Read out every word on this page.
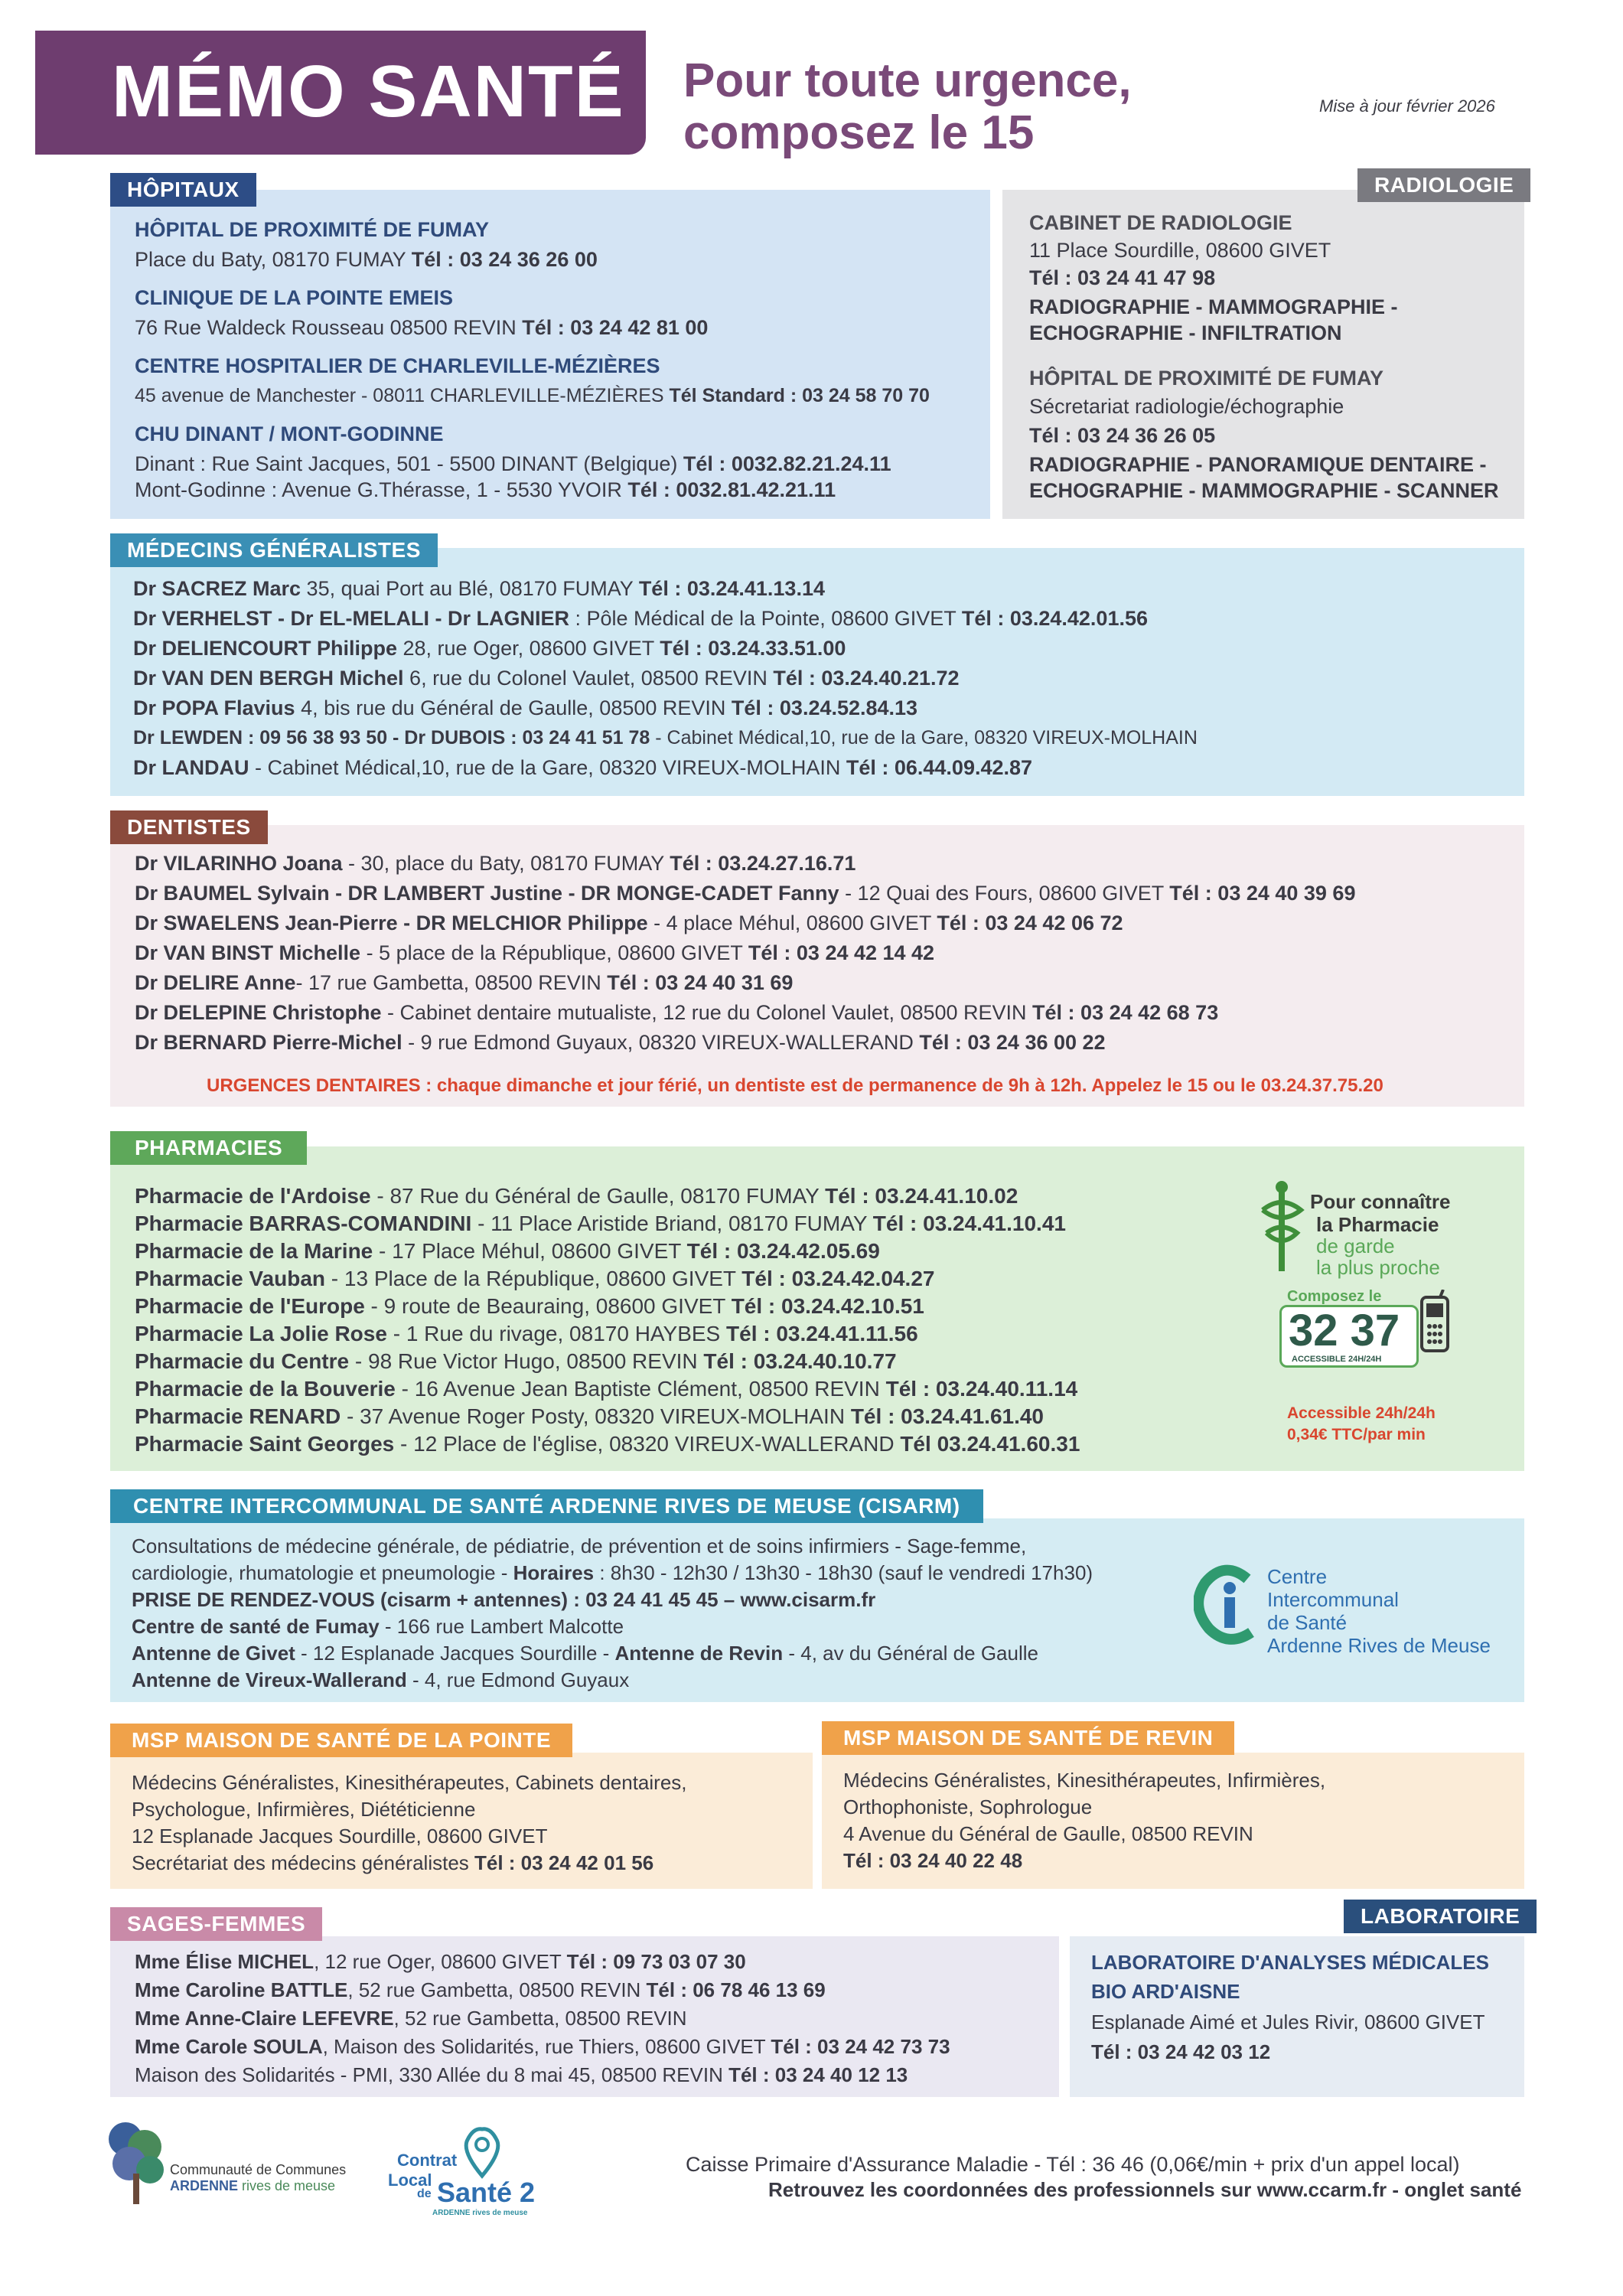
MÉMO SANTÉ Pour toute urgence,
composez le 15
Mise à jour février 2026
HÔPITAUX
HÔPITAL DE PROXIMITÉ DE FUMAY
Place du Baty, 08170 FUMAY Tél : 03 24 36 26 00
CLINIQUE DE LA POINTE EMEIS
76 Rue Waldeck Rousseau 08500 REVIN Tél : 03 24 42 81 00
CENTRE HOSPITALIER DE CHARLEVILLE-MÉZIÈRES
45 avenue de Manchester - 08011 CHARLEVILLE-MÉZIÈRES Tél Standard : 03 24 58 70 70
CHU DINANT / MONT-GODINNE
Dinant : Rue Saint Jacques, 501 - 5500 DINANT (Belgique) Tél : 0032.82.21.24.11
Mont-Godinne : Avenue G.Thérasse, 1 - 5530 YVOIR Tél : 0032.81.42.21.11
RADIOLOGIE
CABINET DE RADIOLOGIE
11 Place Sourdille, 08600 GIVET
Tél : 03 24 41 47 98
RADIOGRAPHIE - MAMMOGRAPHIE -
ECHOGRAPHIE - INFILTRATION
HÔPITAL DE PROXIMITÉ DE FUMAY
Sécretariat radiologie/échographie
Tél : 03 24 36 26 05
RADIOGRAPHIE - PANORAMIQUE DENTAIRE -
ECHOGRAPHIE - MAMMOGRAPHIE - SCANNER
MÉDECINS GÉNÉRALISTES
Dr SACREZ Marc 35, quai Port au Blé, 08170 FUMAY Tél : 03.24.41.13.14
Dr VERHELST - Dr EL-MELALI - Dr LAGNIER : Pôle Médical de la Pointe, 08600 GIVET Tél : 03.24.42.01.56
Dr DELIENCOURT Philippe 28, rue Oger, 08600 GIVET Tél : 03.24.33.51.00
Dr VAN DEN BERGH Michel 6, rue du Colonel Vaulet, 08500 REVIN Tél : 03.24.40.21.72
Dr POPA Flavius 4, bis rue du Général de Gaulle, 08500 REVIN Tél : 03.24.52.84.13
Dr LEWDEN : 09 56 38 93 50 - Dr DUBOIS : 03 24 41 51 78 - Cabinet Médical,10, rue de la Gare, 08320 VIREUX-MOLHAIN
Dr LANDAU - Cabinet Médical,10, rue de la Gare, 08320 VIREUX-MOLHAIN Tél : 06.44.09.42.87
DENTISTES
Dr VILARINHO Joana - 30, place du Baty, 08170 FUMAY Tél : 03.24.27.16.71
Dr BAUMEL Sylvain - DR LAMBERT Justine - DR MONGE-CADET Fanny - 12 Quai des Fours, 08600 GIVET Tél : 03 24 40 39 69
Dr SWAELENS Jean-Pierre - DR MELCHIOR Philippe - 4 place Méhul, 08600 GIVET Tél : 03 24 42 06 72
Dr VAN BINST Michelle - 5 place de la République, 08600 GIVET Tél : 03 24 42 14 42
Dr DELIRE Anne- 17 rue Gambetta, 08500 REVIN Tél : 03 24 40 31 69
Dr DELEPINE Christophe - Cabinet dentaire mutualiste, 12 rue du Colonel Vaulet, 08500 REVIN Tél : 03 24 42 68 73
Dr BERNARD Pierre-Michel - 9 rue Edmond Guyaux, 08320 VIREUX-WALLERAND Tél : 03 24 36 00 22
URGENCES DENTAIRES : chaque dimanche et jour férié, un dentiste est de permanence de 9h à 12h. Appelez le 15 ou le 03.24.37.75.20
PHARMACIES
Pharmacie de l'Ardoise - 87 Rue du Général de Gaulle, 08170 FUMAY Tél : 03.24.41.10.02
Pharmacie BARRAS-COMANDINI - 11 Place Aristide Briand, 08170 FUMAY Tél : 03.24.41.10.41
Pharmacie de la Marine - 17 Place Méhul, 08600 GIVET Tél : 03.24.42.05.69
Pharmacie Vauban - 13 Place de la République, 08600 GIVET Tél : 03.24.42.04.27
Pharmacie de l'Europe - 9 route de Beauraing, 08600 GIVET Tél : 03.24.42.10.51
Pharmacie La Jolie Rose - 1 Rue du rivage, 08170 HAYBES Tél : 03.24.41.11.56
Pharmacie du Centre - 98 Rue Victor Hugo, 08500 REVIN Tél : 03.24.40.10.77
Pharmacie de la Bouverie - 16 Avenue Jean Baptiste Clément, 08500 REVIN Tél : 03.24.40.11.14
Pharmacie RENARD - 37 Avenue Roger Posty, 08320 VIREUX-MOLHAIN Tél : 03.24.41.61.40
Pharmacie Saint Georges - 12 Place de l'église, 08320 VIREUX-WALLERAND Tél 03.24.41.60.31
Pour connaître
la Pharmacie
de garde
la plus proche
Composez le
32 37
ACCESSIBLE 24H/24H
Accessible 24h/24h
0,34€ TTC/par min
CENTRE INTERCOMMUNAL DE SANTÉ ARDENNE RIVES DE MEUSE (CISARM)
Consultations de médecine générale, de pédiatrie, de prévention et de soins infirmiers - Sage-femme,
cardiologie, rhumatologie et pneumologie - Horaires : 8h30 - 12h30 / 13h30 - 18h30 (sauf le vendredi 17h30)
PRISE DE RENDEZ-VOUS (cisarm + antennes) : 03 24 41 45 45 – www.cisarm.fr
Centre de santé de Fumay - 166 rue Lambert Malcotte
Antenne de Givet - 12 Esplanade Jacques Sourdille - Antenne de Revin - 4, av du Général de Gaulle
Antenne de Vireux-Wallerand - 4, rue Edmond Guyaux
Centre
Intercommunal
de Santé
Ardenne Rives de Meuse
MSP MAISON DE SANTÉ DE LA POINTE
Médecins Généralistes, Kinesithérapeutes, Cabinets dentaires,
Psychologue, Infirmières, Diététicienne
12 Esplanade Jacques Sourdille, 08600 GIVET
Secrétariat des médecins généralistes Tél : 03 24 42 01 56
MSP MAISON DE SANTÉ DE REVIN
Médecins Généralistes, Kinesithérapeutes, Infirmières,
Orthophoniste, Sophrologue
4 Avenue du Général de Gaulle, 08500 REVIN
Tél : 03 24 40 22 48
SAGES-FEMMES
Mme Élise MICHEL, 12 rue Oger, 08600 GIVET Tél : 09 73 03 07 30
Mme Caroline BATTLE, 52 rue Gambetta, 08500 REVIN Tél : 06 78 46 13 69
Mme Anne-Claire LEFEVRE, 52 rue Gambetta, 08500 REVIN
Mme Carole SOULA, Maison des Solidarités, rue Thiers, 08600 GIVET Tél : 03 24 42 73 73
Maison des Solidarités - PMI, 330 Allée du 8 mai 45, 08500 REVIN Tél : 03 24 40 12 13
LABORATOIRE
LABORATOIRE D'ANALYSES MÉDICALES
BIO ARD'AISNE
Esplanade Aimé et Jules Rivir, 08600 GIVET
Tél : 03 24 42 03 12
Communauté de Communes
ARDENNE rives de meuse
Contrat
Local
de Santé 2
ARDENNE rives de meuse
Caisse Primaire d'Assurance Maladie - Tél : 36 46 (0,06€/min + prix d'un appel local)
Retrouvez les coordonnées des professionnels sur www.ccarm.fr - onglet santé
